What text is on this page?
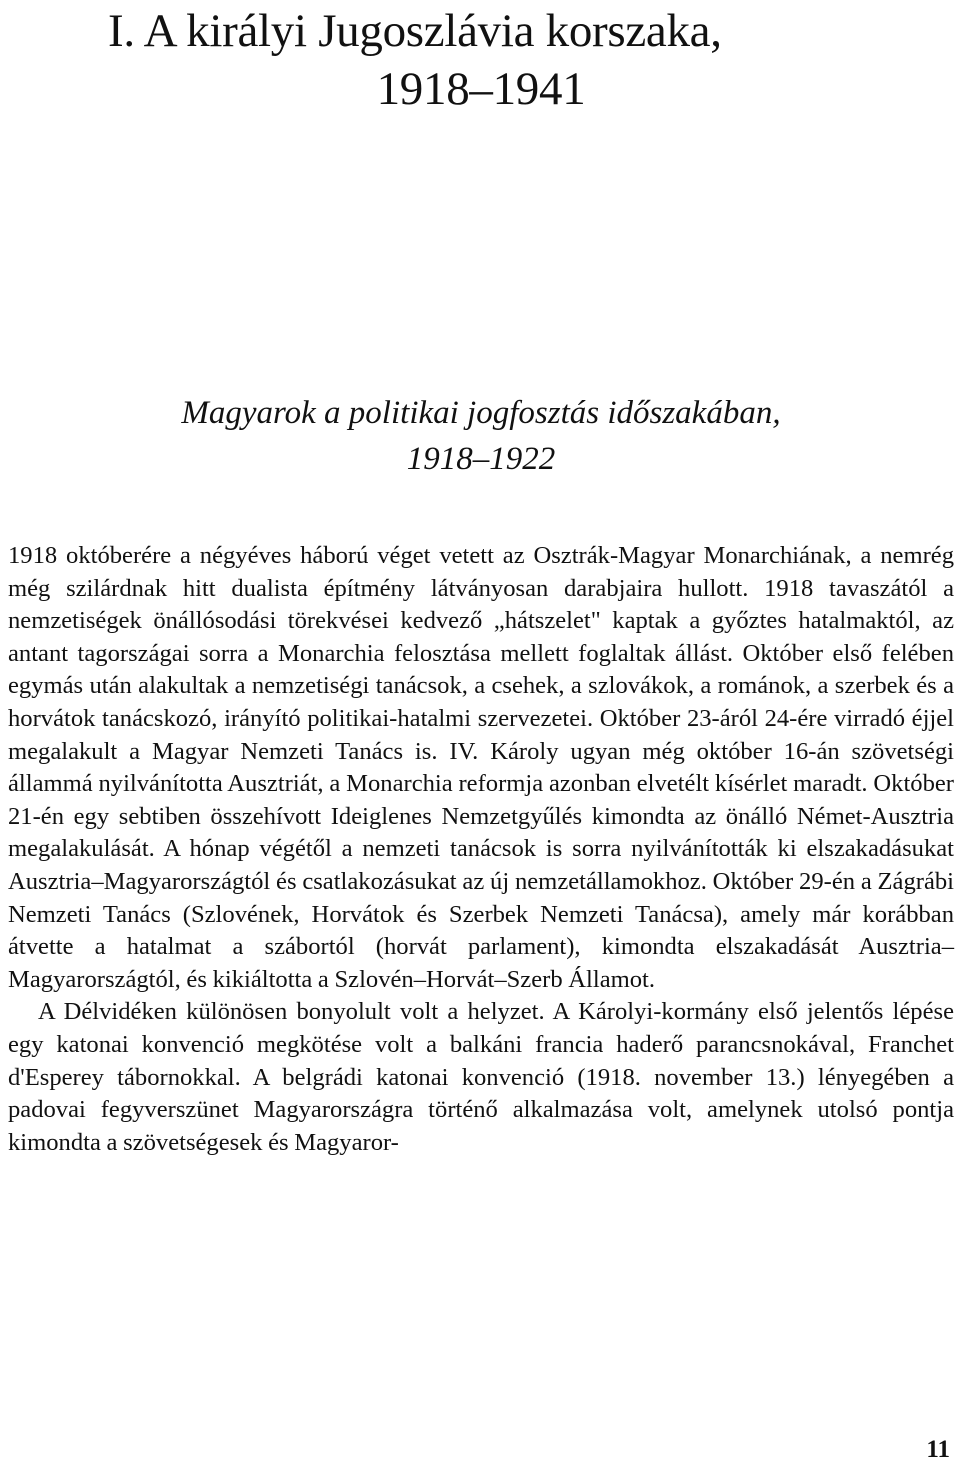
I. A királyi Jugoszlávia korszaka,
1918–1941
Magyarok a politikai jogfosztás időszakában,
1918–1922

1918 októberére a négyéves háború véget vetett az Osztrák-Magyar Monarchiának, a nemrég még szilárdnak hitt dualista építmény látványosan darabjaira hullott. 1918 tavaszától a nemzetiségek önállósodási törekvései kedvező „hátszelet" kaptak a győztes hatalmaktól, az antant tagországai sorra a Monarchia felosztása mellett foglaltak állást. Október első felében egymás után alakultak a nemzetiségi tanácsok, a csehek, a szlovákok, a románok, a szerbek és a horvátok tanácskozó, irányító politikai-hatalmi szervezetei. Október 23-áról 24-ére virradó éjjel megalakult a Magyar Nemzeti Tanács is. IV. Károly ugyan még október 16-án szövetségi állammá nyilvánította Ausztriát, a Monarchia reformja azonban elvetélt kísérlet maradt. Október 21-én egy sebtiben összehívott Ideiglenes Nemzetgyűlés kimondta az önálló Német-Ausztria megalakulását. A hónap végétől a nemzeti tanácsok is sorra nyilvánították ki elszakadásukat Ausztria–Magyarországtól és csatlakozásukat az új nemzetállamokhoz. Október 29-én a Zágrábi Nemzeti Tanács (Szlovének, Horvátok és Szerbek Nemzeti Tanácsa), amely már korábban átvette a hatalmat a szábortól (horvát parlament), kimondta elszakadását Ausztria–Magyarországtól, és kikiáltotta a Szlovén–Horvát–Szerb Államot.

A Délvidéken különösen bonyolult volt a helyzet. A Károlyi-kormány első jelentős lépése egy katonai konvenció megkötése volt a balkáni francia haderő parancsnokával, Franchet d'Esperey tábornokkal. A belgrádi katonai konvenció (1918. november 13.) lényegében a padovai fegyverszünet Magyarországra történő alkalmazása volt, amelynek utolsó pontja kimondta a szövetségesek és Magyaror-

11
